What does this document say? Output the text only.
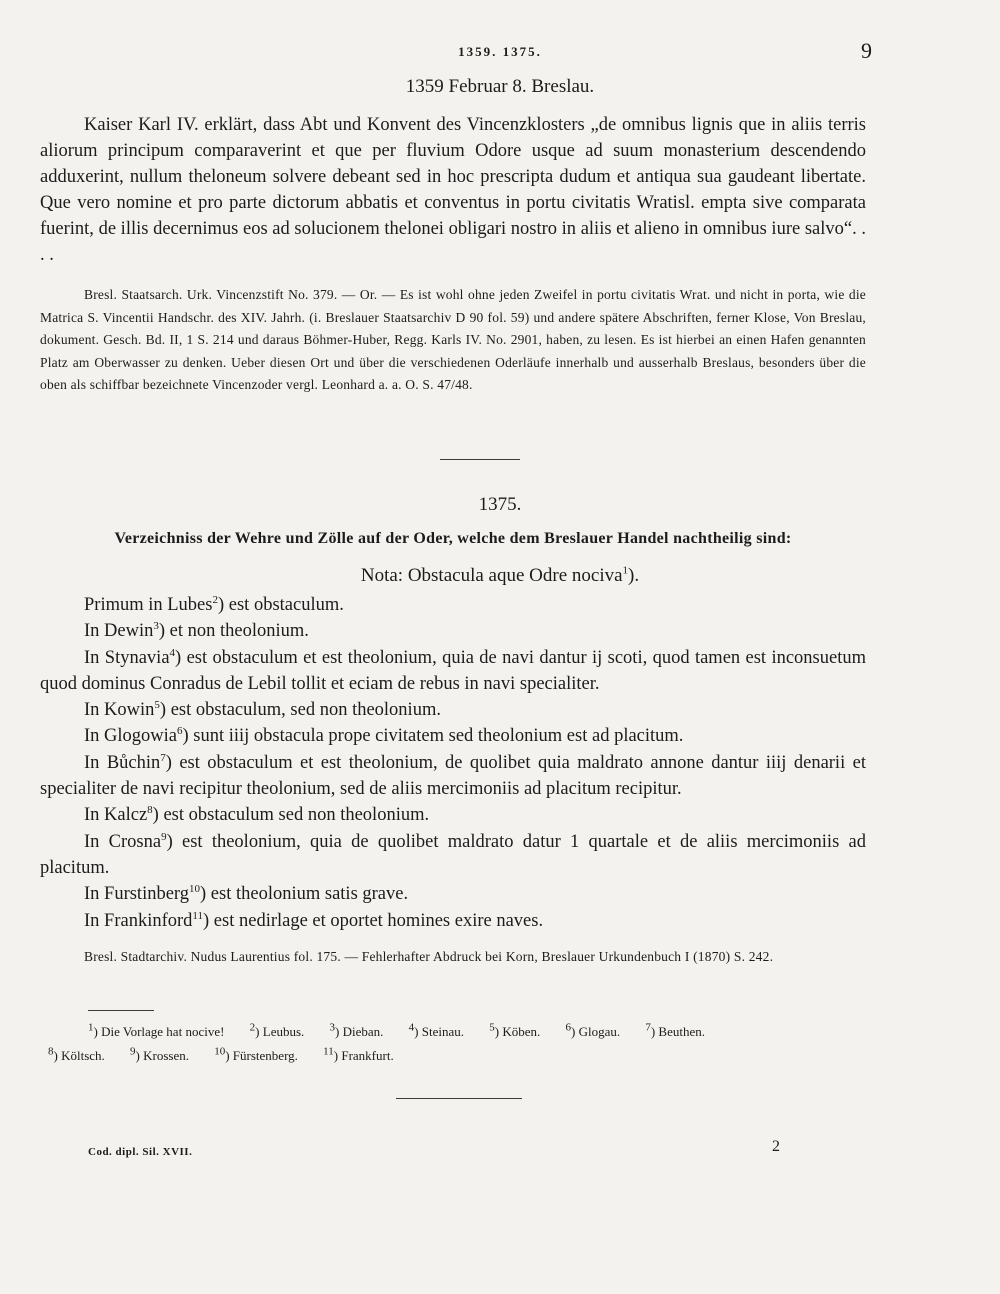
1359. 1375.	9
1359 Februar 8. Breslau.
Kaiser Karl IV. erklärt, dass Abt und Konvent des Vincenzklosters „de omnibus lignis que in aliis terris aliorum principum comparaverint et que per fluvium Odore usque ad suum monasterium descendendo adduxerint, nullum theloneum solvere debeant sed in hoc prescripta dudum et antiqua sua gaudeant libertate. Que vero nomine et pro parte dictorum abbatis et conventus in portu civitatis Wratisl. empta sive comparata fuerint, de illis decernimus eos ad solucionem thelonei obligari nostro in aliis et alieno in omnibus iure salvo“. . . .
Bresl. Staatsarch. Urk. Vincenzstift No. 379. — Or. — Es ist wohl ohne jeden Zweifel in portu civitatis Wrat. und nicht in porta, wie die Matrica S. Vincentii Handschr. des XIV. Jahrh. (i. Breslauer Staatsarchiv D 90 fol. 59) und andere spätere Abschriften, ferner Klose, Von Breslau, dokument. Gesch. Bd. II, 1 S. 214 und daraus Böhmer-Huber, Regg. Karls IV. No. 2901, haben, zu lesen. Es ist hierbei an einen Hafen genannten Platz am Oberwasser zu denken. Ueber diesen Ort und über die verschiedenen Oderläufe innerhalb und ausserhalb Breslaus, besonders über die oben als schiffbar bezeichnete Vincenzoder vergl. Leonhard a. a. O. S. 47/48.
1375.
Verzeichniss der Wehre und Zölle auf der Oder, welche dem Breslauer Handel nachtheilig sind:
Nota: Obstacula aque Odre nociva$^1$).
Primum in Lubes$^2$) est obstaculum.
In Dewin$^3$) et non theolonium.
In Stynavia$^4$) est obstaculum et est theolonium, quia de navi dantur ij scoti, quod tamen est inconsuetum quod dominus Conradus de Lebil tollit et eciam de rebus in navi specialiter.
In Kowin$^5$) est obstaculum, sed non theolonium.
In Glogowia$^6$) sunt iiij obstacula prope civitatem sed theolonium est ad placitum.
In Bůchin$^7$) est obstaculum et est theolonium, de quolibet quia maldrato annone dantur iiij denarii et specialiter de navi recipitur theolonium, sed de aliis mercimoniis ad placitum recipitur.
In Kalcz$^8$) est obstaculum sed non theolonium.
In Crosna$^9$) est theolonium, quia de quolibet maldrato datur 1 quartale et de aliis mercimoniis ad placitum.
In Furstinberg$^{10}$) est theolonium satis grave.
In Frankinford$^{11}$) est nedirlage et oportet homines exire naves.
Bresl. Stadtarchiv. Nudus Laurentius fol. 175. — Fehlerhafter Abdruck bei Korn, Breslauer Urkundenbuch I (1870) S. 242.
$^1$) Die Vorlage hat nocive! $^2$) Leubus. $^3$) Dieban. $^4$) Steinau. $^5$) Köben. $^6$) Glogau. $^7$) Beuthen.
$^8$) Költsch. $^9$) Krossen. $^{10}$) Fürstenberg. $^{11}$) Frankfurt.
Cod. dipl. Sil. XVII.	2
